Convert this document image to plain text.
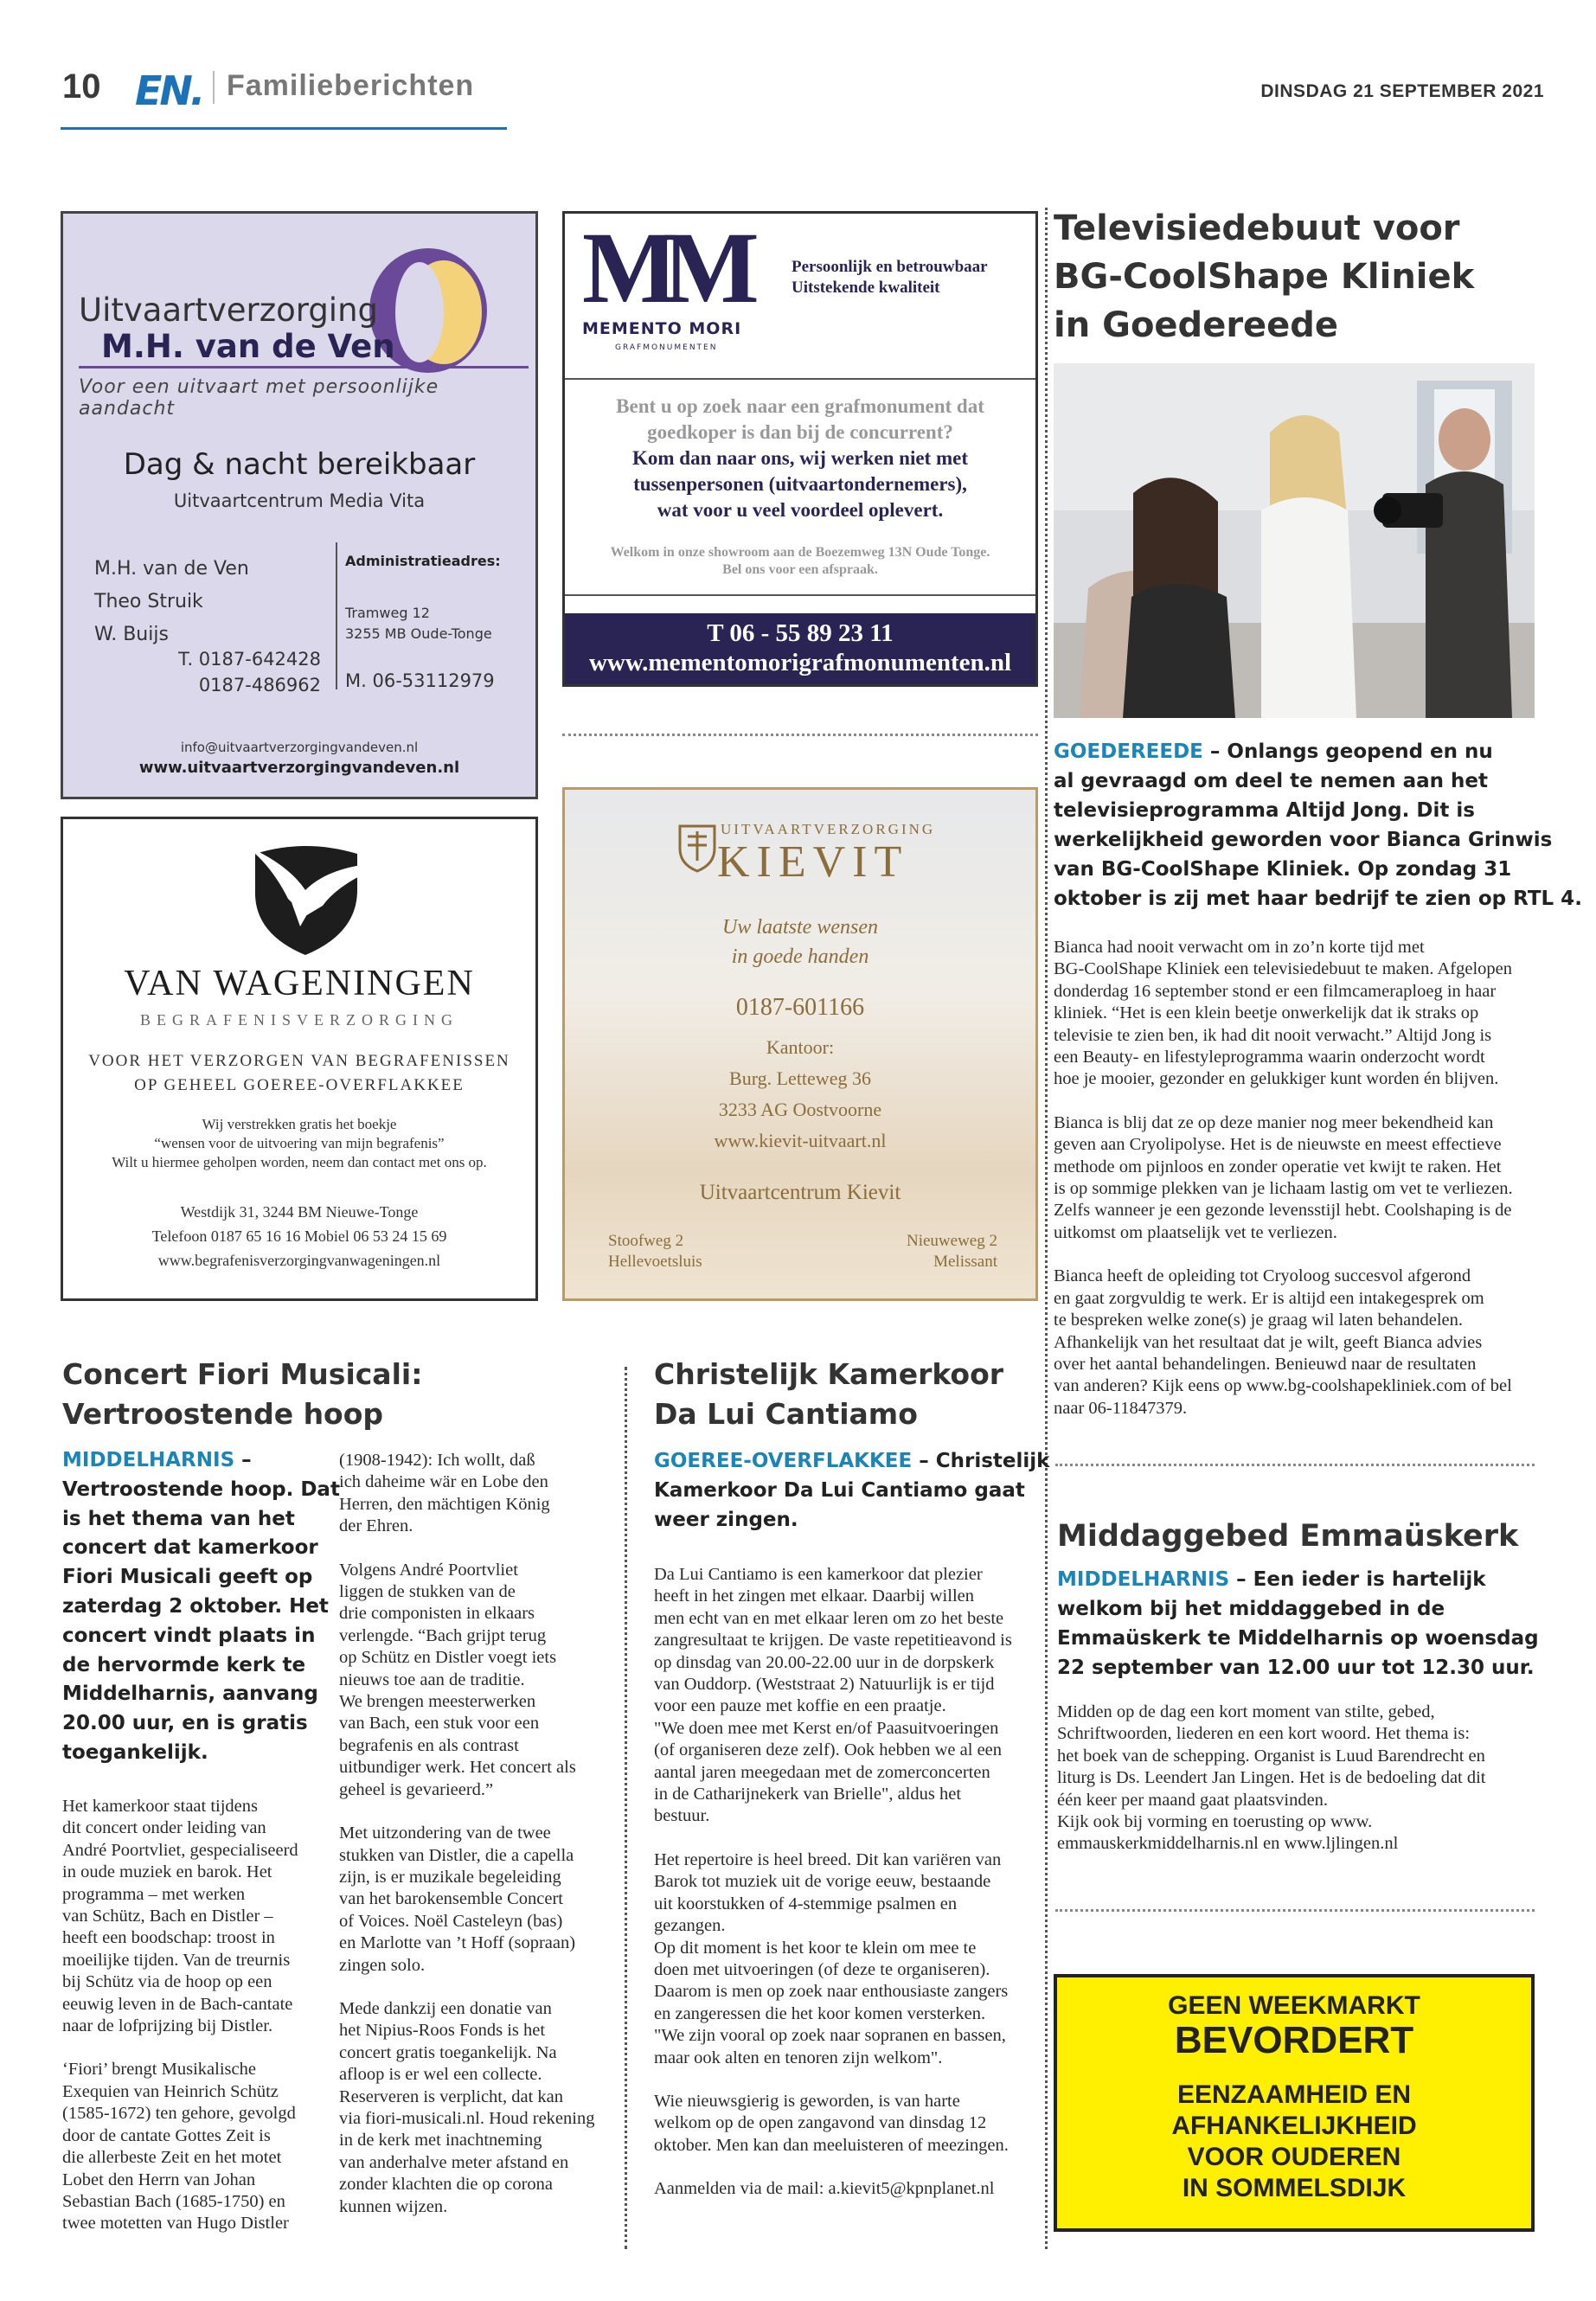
10 EN. Familieberichten	DINSDAG 21 SEPTEMBER 2021
Uitvaartverzorging
M.H. van de Ven
Voor een uitvaart met persoonlijke aandacht
Dag & nacht bereikbaar
Uitvaartcentrum Media Vita
M.H. van de Ven
Theo Struik
W. Buijs
T. 0187-642428
0187-486962
Administratieadres:
Tramweg 12
3255 MB Oude-Tonge
M. 06-53112979
info@uitvaartverzorgingvandeven.nl
www.uitvaartverzorgingvandeven.nl
VAN WAGENINGEN
BEGRAFENISVERZORGING
VOOR HET VERZORGEN VAN BEGRAFENISSEN
OP GEHEEL GOEREE-OVERFLAKKEE
Wij verstrekken gratis het boekje
“wensen voor de uitvoering van mijn begrafenis”
Wilt u hiermee geholpen worden, neem dan contact met ons op.
Westdijk 31, 3244 BM Nieuwe-Tonge
Telefoon 0187 65 16 16 Mobiel 06 53 24 15 69
www.begrafenisverzorgingvanwageningen.nl
MM
MEMENTO MORI
GRAFMONUMENTEN
Persoonlijk en betrouwbaar
Uitstekende kwaliteit
Bent u op zoek naar een grafmonument dat
goedkoper is dan bij de concurrent?
Kom dan naar ons, wij werken niet met
tussenpersonen (uitvaartondernemers),
wat voor u veel voordeel oplevert.
Welkom in onze showroom aan de Boezemweg 13N Oude Tonge.
Bel ons voor een afspraak.
T 06 - 55 89 23 11
www.mementomorigrafmonumenten.nl
UITVAARTVERZORGING
KIEVIT
Uw laatste wensen
in goede handen
0187-601166
Kantoor:
Burg. Letteweg 36
3233 AG Oostvoorne
www.kievit-uitvaart.nl
Uitvaartcentrum Kievit
Stoofweg 2
Hellevoetsluis
Nieuweweg 2
Melissant
Televisiedebuut voor
BG-CoolShape Kliniek
in Goedereede
GOEDEREEDE – Onlangs geopend en nu
al gevraagd om deel te nemen aan het
televisieprogramma Altijd Jong. Dit is
werkelijkheid geworden voor Bianca Grinwis
van BG-CoolShape Kliniek. Op zondag 31
oktober is zij met haar bedrijf te zien op RTL 4.

Bianca had nooit verwacht om in zo’n korte tijd met
BG-CoolShape Kliniek een televisiedebuut te maken. Afgelopen
donderdag 16 september stond er een filmcameraploeg in haar
kliniek. “Het is een klein beetje onwerkelijk dat ik straks op
televisie te zien ben, ik had dit nooit verwacht.” Altijd Jong is
een Beauty- en lifestyleprogramma waarin onderzocht wordt
hoe je mooier, gezonder en gelukkiger kunt worden én blijven.

Bianca is blij dat ze op deze manier nog meer bekendheid kan
geven aan Cryolipolyse. Het is de nieuwste en meest effectieve
methode om pijnloos en zonder operatie vet kwijt te raken. Het
is op sommige plekken van je lichaam lastig om vet te verliezen.
Zelfs wanneer je een gezonde levensstijl hebt. Coolshaping is de
uitkomst om plaatselijk vet te verliezen.

Bianca heeft de opleiding tot Cryoloog succesvol afgerond
en gaat zorgvuldig te werk. Er is altijd een intakegesprek om
te bespreken welke zone(s) je graag wil laten behandelen.
Afhankelijk van het resultaat dat je wilt, geeft Bianca advies
over het aantal behandelingen. Benieuwd naar de resultaten
van anderen? Kijk eens op www.bg-coolshapekliniek.com of bel
naar 06-11847379.

Middaggebed Emmaüskerk
MIDDELHARNIS – Een ieder is hartelijk
welkom bij het middaggebed in de
Emmaüskerk te Middelharnis op woensdag
22 september van 12.00 uur tot 12.30 uur.
Midden op de dag een kort moment van stilte, gebed,
Schriftwoorden, liederen en een kort woord. Het thema is:
het boek van de schepping. Organist is Luud Barendrecht en
liturg is Ds. Leendert Jan Lingen. Het is de bedoeling dat dit
één keer per maand gaat plaatsvinden.
Kijk ook bij vorming en toerusting op www.
emmauskerkmiddelharnis.nl en www.ljlingen.nl
GEEN WEEKMARKT
BEVORDERT
EENZAAMHEID EN
AFHANKELIJKHEID
VOOR OUDEREN
IN SOMMELSDIJK
Concert Fiori Musicali:
Vertroostende hoop
MIDDELHARNIS –
Vertroostende hoop. Dat
is het thema van het
concert dat kamerkoor
Fiori Musicali geeft op
zaterdag 2 oktober. Het
concert vindt plaats in
de hervormde kerk te
Middelharnis, aanvang
20.00 uur, en is gratis
toegankelijk.

Het kamerkoor staat tijdens
dit concert onder leiding van
André Poortvliet, gespecialiseerd
in oude muziek en barok. Het
programma – met werken
van Schütz, Bach en Distler –
heeft een boodschap: troost in
moeilijke tijden. Van de treurnis
bij Schütz via de hoop op een
eeuwig leven in de Bach-cantate
naar de lofprijzing bij Distler.

‘Fiori’ brengt Musikalische
Exequien van Heinrich Schütz
(1585-1672) ten gehore, gevolgd
door de cantate Gottes Zeit is
die allerbeste Zeit en het motet
Lobet den Herrn van Johan
Sebastian Bach (1685-1750) en
twee motetten van Hugo Distler

(1908-1942): Ich wollt, daß
ich daheime wär en Lobe den
Herren, den mächtigen König
der Ehren.

Volgens André Poortvliet
liggen de stukken van de
drie componisten in elkaars
verlengde. “Bach grijpt terug
op Schütz en Distler voegt iets
nieuws toe aan de traditie.
We brengen meesterwerken
van Bach, een stuk voor een
begrafenis en als contrast
uitbundiger werk. Het concert als
geheel is gevarieerd.”

Met uitzondering van de twee
stukken van Distler, die a capella
zijn, is er muzikale begeleiding
van het barokensemble Concert
of Voices. Noël Casteleyn (bas)
en Marlotte van ’t Hoff (sopraan)
zingen solo.

Mede dankzij een donatie van
het Nipius-Roos Fonds is het
concert gratis toegankelijk. Na
afloop is er wel een collecte.
Reserveren is verplicht, dat kan
via fiori-musicali.nl. Houd rekening
in de kerk met inachtneming
van anderhalve meter afstand en
zonder klachten die op corona
kunnen wijzen.

Christelijk Kamerkoor
Da Lui Cantiamo
GOEREE-OVERFLAKKEE – Christelijk
Kamerkoor Da Lui Cantiamo gaat
weer zingen.

Da Lui Cantiamo is een kamerkoor dat plezier
heeft in het zingen met elkaar. Daarbij willen
men echt van en met elkaar leren om zo het beste
zangresultaat te krijgen. De vaste repetitieavond is
op dinsdag van 20.00-22.00 uur in de dorpskerk
van Ouddorp. (Weststraat 2) Natuurlijk is er tijd
voor een pauze met koffie en een praatje.
"We doen mee met Kerst en/of Paasuitvoeringen
(of organiseren deze zelf). Ook hebben we al een
aantal jaren meegedaan met de zomerconcerten
in de Catharijnekerk van Brielle", aldus het
bestuur.

Het repertoire is heel breed. Dit kan variëren van
Barok tot muziek uit de vorige eeuw, bestaande
uit koorstukken of 4-stemmige psalmen en
gezangen.
Op dit moment is het koor te klein om mee te
doen met uitvoeringen (of deze te organiseren).
Daarom is men op zoek naar enthousiaste zangers
en zangeressen die het koor komen versterken.
"We zijn vooral op zoek naar sopranen en bassen,
maar ook alten en tenoren zijn welkom".

Wie nieuwsgierig is geworden, is van harte
welkom op de open zangavond van dinsdag 12
oktober. Men kan dan meeluisteren of meezingen.

Aanmelden via de mail: a.kievit5@kpnplanet.nl
